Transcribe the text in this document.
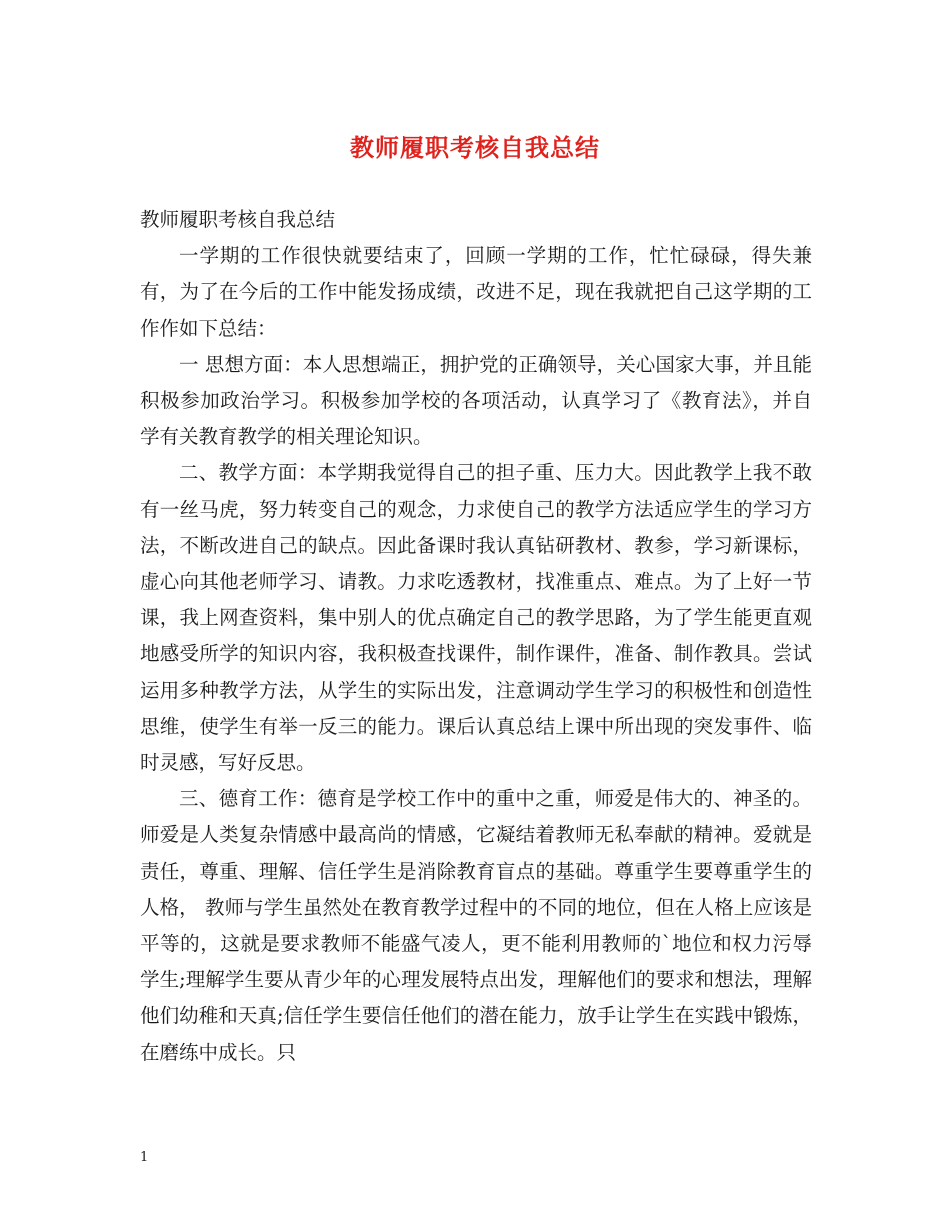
教师履职考核自我总结

教师履职考核自我总结

一学期的工作很快就要结束了，回顾一学期的工作，忙忙碌碌，得失兼有，为了在今后的工作中能发扬成绩，改进不足，现在我就把自己这学期的工作作如下总结：

一 思想方面：本人思想端正，拥护党的正确领导，关心国家大事，并且能积极参加政治学习。积极参加学校的各项活动，认真学习了《教育法》，并自学有关教育教学的相关理论知识。

二、教学方面：本学期我觉得自己的担子重、压力大。因此教学上我不敢有一丝马虎，努力转变自己的观念，力求使自己的教学方法适应学生的学习方法，不断改进自己的缺点。因此备课时我认真钻研教材、教参，学习新课标，虚心向其他老师学习、请教。力求吃透教材，找准重点、难点。为了上好一节课，我上网查资料，集中别人的优点确定自己的教学思路，为了学生能更直观地感受所学的知识内容，我积极查找课件，制作课件，准备、制作教具。尝试运用多种教学方法，从学生的实际出发，注意调动学生学习的积极性和创造性思维，使学生有举一反三的能力。课后认真总结上课中所出现的突发事件、临时灵感，写好反思。

三、德育工作：德育是学校工作中的重中之重，师爱是伟大的、神圣的。师爱是人类复杂情感中最高尚的情感，它凝结着教师无私奉献的精神。爱就是责任，尊重、理解、信任学生是消除教育盲点的基础。尊重学生要尊重学生的人格， 教师与学生虽然处在教育教学过程中的不同的地位，但在人格上应该是平等的，这就是要求教师不能盛气凌人，更不能利用教师的`地位和权力污辱学生;理解学生要从青少年的心理发展特点出发，理解他们的要求和想法，理解他们幼稚和天真;信任学生要信任他们的潜在能力，放手让学生在实践中锻炼，在磨练中成长。只

1
